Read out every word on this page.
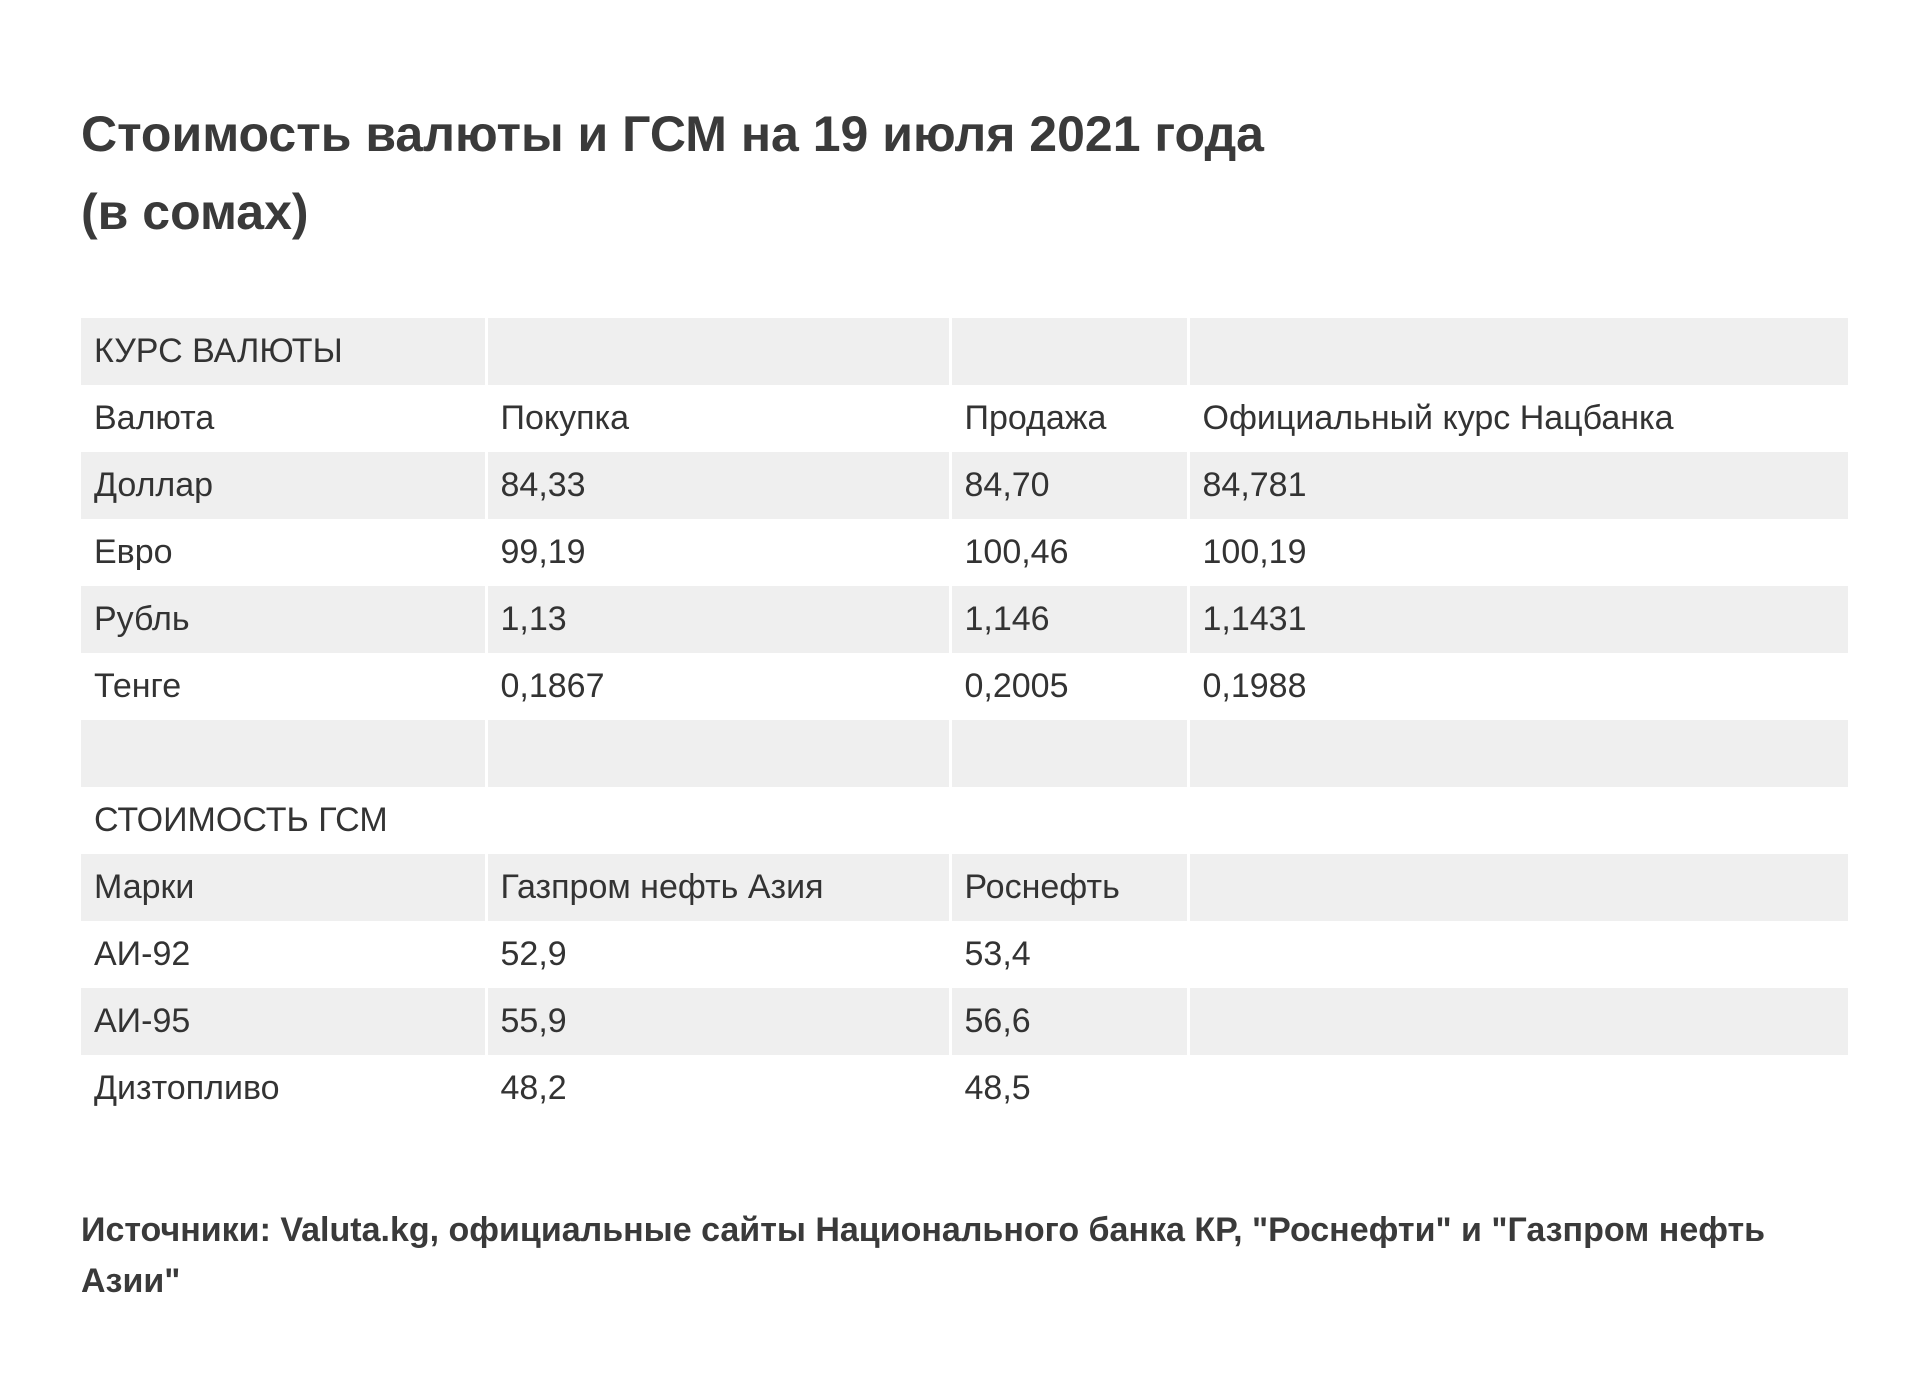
Стоимость валюты и ГСМ на 19 июля 2021 года
(в сомах)
КУРС ВАЛЮТЫ			
Валюта	Покупка	Продажа	Официальный курс Нацбанка
Доллар	84,33	84,70	84,781
Евро	99,19	100,46	100,19
Рубль	1,13	1,146	1,1431
Тенге	0,1867	0,2005	0,1988

СТОИМОСТЬ ГСМ			
Марки	Газпром нефть Азия	Роснефть	
АИ-92	52,9	53,4	
АИ-95	55,9	56,6	
Дизтопливо	48,2	48,5	

Источники: Valuta.kg, официальные сайты Национального банка КР, "Роснефти" и "Газпром нефть Азии"
